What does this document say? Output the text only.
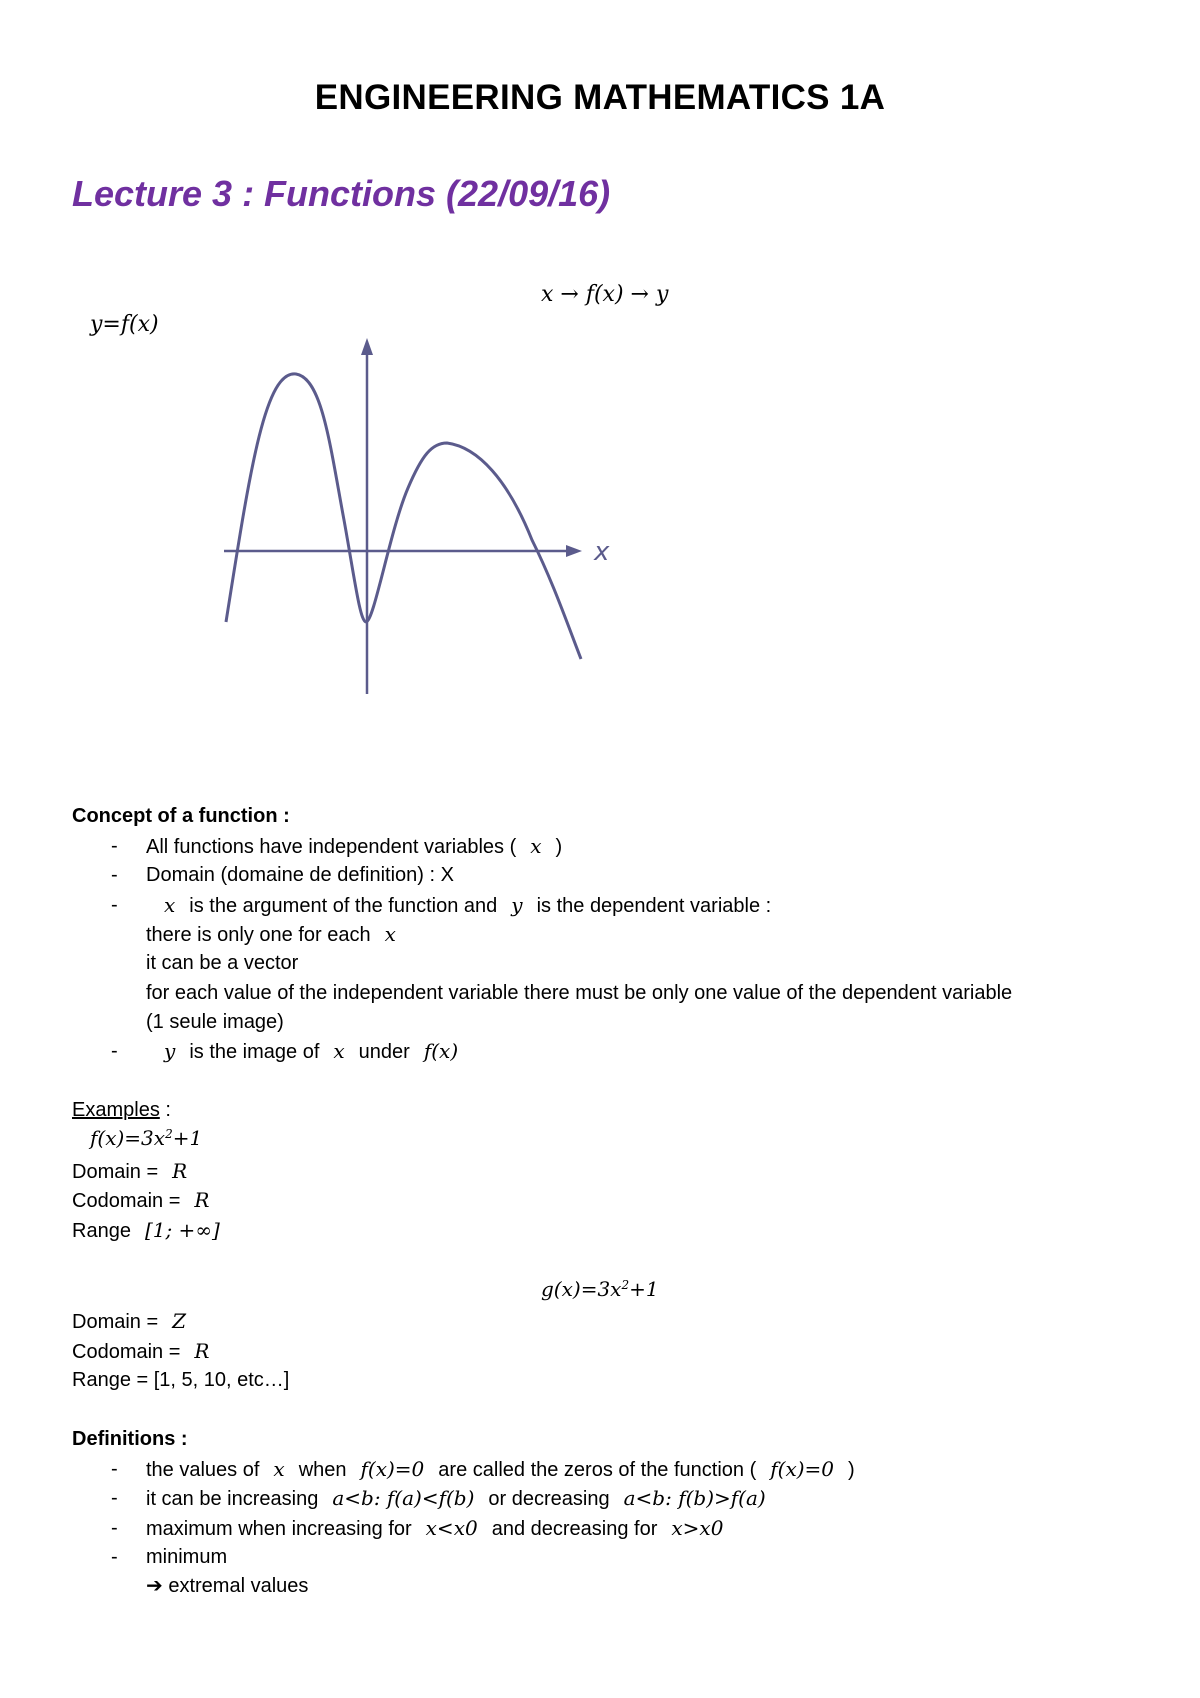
ENGINEERING MATHEMATICS 1A
Lecture 3 : Functions (22/09/16)
x → f(x) → y
y=f(x)
x
Concept of a function :
- All functions have independent variables ( x )
- Domain (domaine de definition) : X
- x is the argument of the function and y is the dependent variable :
there is only one for each x
it can be a vector
for each value of the independent variable there must be only one value of the dependent variable
(1 seule image)
- y is the image of x under f(x)
Examples :
$f(x)=3x^2+1$
Domain = R
Codomain = R
Range [1; +∞]
$g(x)=3x^2+1$
Domain = Z
Codomain = R
Range = [1, 5, 10, etc…]
Definitions :
- the values of x when f(x)=0 are called the zeros of the function ( f(x)=0 )
- it can be increasing a<b: f(a)<f(b) or decreasing a<b: f(b)>f(a)
- maximum when increasing for x<x0 and decreasing for x>x0
- minimum
➔ extremal values
